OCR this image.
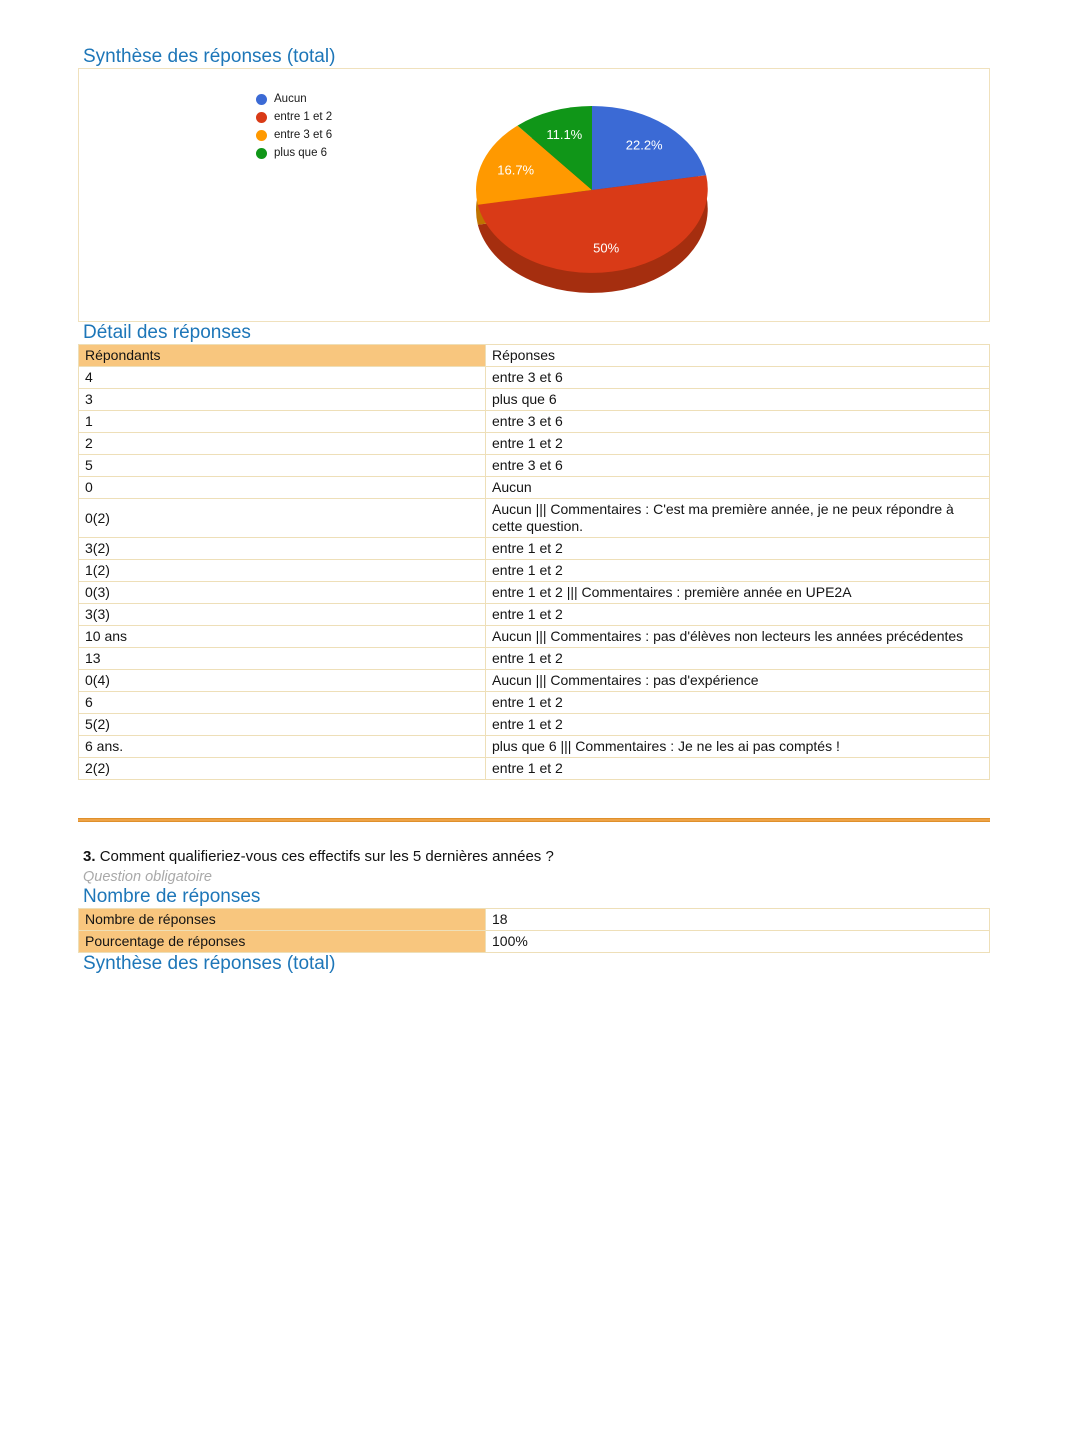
Synthèse des réponses (total)
Aucun
entre 1 et 2
entre 3 et 6
plus que 6
22.2%
50%
16.7%
11.1%
Détail des réponses
Répondants	Réponses
4	entre 3 et 6
3	plus que 6
1	entre 3 et 6
2	entre 1 et 2
5	entre 3 et 6
0	Aucun
0(2)	Aucun ||| Commentaires : C'est ma première année, je ne peux répondre à cette question.
3(2)	entre 1 et 2
1(2)	entre 1 et 2
0(3)	entre 1 et 2 ||| Commentaires : première année en UPE2A
3(3)	entre 1 et 2
10 ans	Aucun ||| Commentaires : pas d'élèves non lecteurs les années précédentes
13	entre 1 et 2
0(4)	Aucun ||| Commentaires : pas d'expérience
6	entre 1 et 2
5(2)	entre 1 et 2
6 ans.	plus que 6 ||| Commentaires : Je ne les ai pas comptés !
2(2)	entre 1 et 2

3. Comment qualifieriez-vous ces effectifs sur les 5 dernières années ?

Question obligatoire

Nombre de réponses
Nombre de réponses	18
Pourcentage de réponses	100%
Synthèse des réponses (total)
